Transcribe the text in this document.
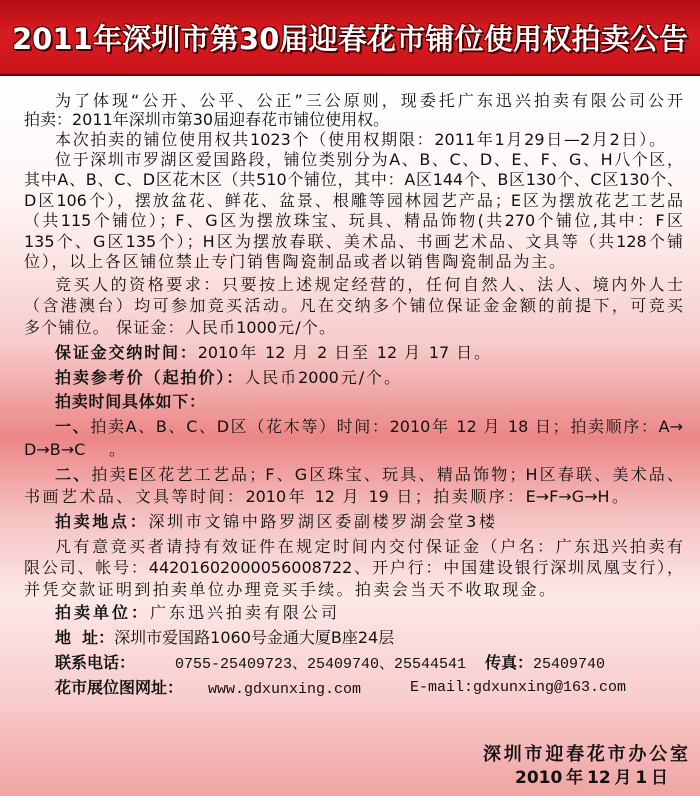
2011年深圳市第30届迎春花市铺位使用权拍卖公告
为了体现“公开、公平、公正”三公原则，现委托广东迅兴拍卖有限公司公开
拍卖：2011年深圳市第30届迎春花市铺位使用权。
本次拍卖的铺位使用权共1023个（使用权期限：2011年1月29日—2月2日）。
位于深圳市罗湖区爱国路段，铺位类别分为A、B、C、D、E、F、G、H八个区，
其中A、B、C、D区花木区（共510个铺位，其中：A区144个、B区130个、C区130个、
D区106个），摆放盆花、鲜花、盆景、根雕等园林园艺产品；E区为摆放花艺工艺品
（共115个铺位）；F、G区为摆放珠宝、玩具、精品饰物(共270个铺位,其中：F区
135个、G区135个）；H区为摆放春联、美术品、书画艺术品、文具等（共128个铺
位），以上各区铺位禁止专门销售陶瓷制品或者以销售陶瓷制品为主。
竞买人的资格要求：只要按上述规定经营的，任何自然人、法人、境内外人士
（含港澳台）均可参加竞买活动。凡在交纳多个铺位保证金金额的前提下，可竞买
多个铺位。 保证金：人民币1000元/个。
保证金交纳时间：2010年 12 月 2 日至 12 月 17 日。
拍卖参考价（起拍价）：人民币2000元/个。
拍卖时间具体如下：
一、拍卖A、B、C、D区（花木等）时间：2010年 12 月 18 日；拍卖顺序：A→
D→B→C。
二、拍卖E区花艺工艺品；F、G区珠宝、玩具、精品饰物；H区春联、美术品、
书画艺术品、文具等时间：2010年 12 月 19 日；拍卖顺序：E→F→G→H。
拍卖地点：深圳市文锦中路罗湖区委副楼罗湖会堂3楼
凡有意竞买者请持有效证件在规定时间内交付保证金（户名：广东迅兴拍卖有
限公司、帐号：44201602000056008722、开户行：中国建设银行深圳凤凰支行），
并凭交款证明到拍卖单位办理竞买手续。拍卖会当天不收取现金。
拍卖单位：广东迅兴拍卖有限公司
地  址：深圳市爱国路1060号金通大厦B座24层
联系电话：	0755-25409723、25409740、25544541 传真：25409740
花市展位图网址： www.gdxunxing.com	E-mail:gdxunxing@163.com
深圳市迎春花市办公室
2010年12月1日
